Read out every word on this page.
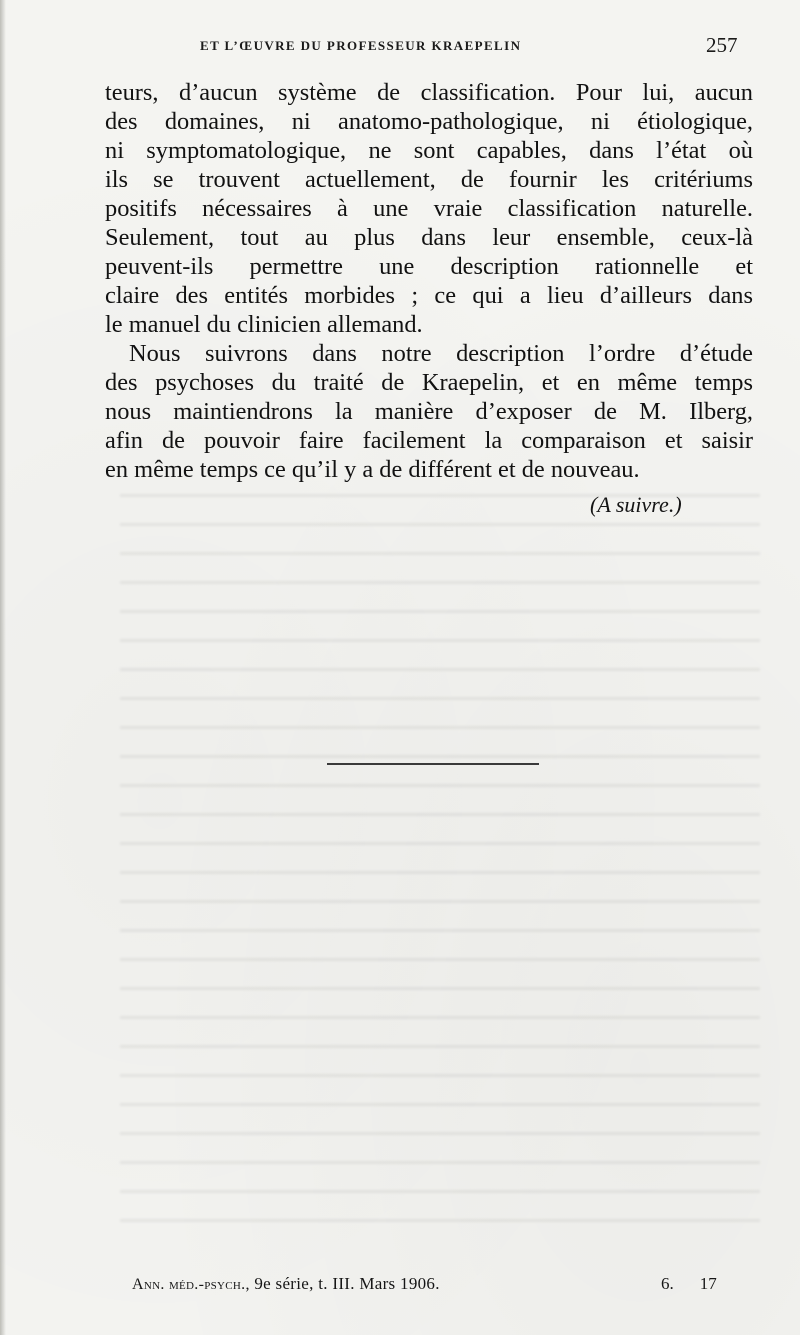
ET L’ŒUVRE DU PROFESSEUR KRAEPELIN	257
teurs, d’aucun système de classification. Pour lui, aucun
des domaines, ni anatomo-pathologique, ni étiologique,
ni symptomatologique, ne sont capables, dans l’état où
ils se trouvent actuellement, de fournir les critériums
positifs nécessaires à une vraie classification naturelle.
Seulement, tout au plus dans leur ensemble, ceux-là
peuvent-ils permettre une description rationnelle et
claire des entités morbides ; ce qui a lieu d’ailleurs dans
le manuel du clinicien allemand.
Nous suivrons dans notre description l’ordre d’étude
des psychoses du traité de Kraepelin, et en même temps
nous maintiendrons la manière d’exposer de M. Ilberg,
afin de pouvoir faire facilement la comparaison et saisir
en même temps ce qu’il y a de différent et de nouveau.
(A suivre.)
Ann. méd.-psych., 9e série, t. III. Mars 1906.	6. 17
